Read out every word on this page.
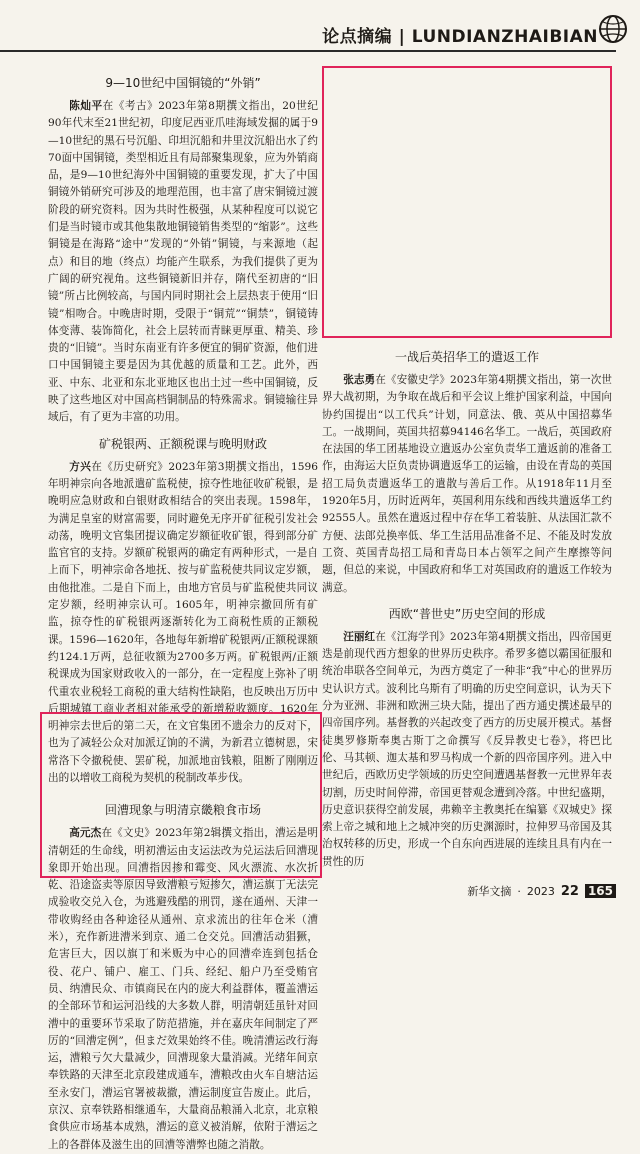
论点摘编 | LUNDIANZHAIBIAN
9—10世纪中国铜镜的“外销”

陈灿平在《考古》2023年第8期撰文指出，20世纪90年代末至21世纪初，印度尼西亚爪哇海域发掘的属于9—10世纪的黑石号沉船、印坦沉船和井里汶沉船出水了约70面中国铜镜，类型相近且有局部聚集现象，应为外销商品，是9—10世纪海外中国铜镜的重要发现，扩大了中国铜镜外销研究可涉及的地理范围，也丰富了唐宋铜镜过渡阶段的研究资料。因为共时性极强，从某种程度可以说它们是当时镜市或其他集散地铜镜销售类型的“缩影”。这些铜镜是在海路“途中”发现的“外销”铜镜，与来源地（起点）和目的地（终点）均能产生联系，为我们提供了更为广阔的研究视角。这些铜镜新旧并存，隋代至初唐的“旧镜”所占比例较高，与国内同时期社会上层热衷于使用“旧镜”相吻合。中晚唐时期，受限于“铜荒”“铜禁”，铜镜铸体变薄、装饰简化，社会上层转而青睐更厚重、精美、珍贵的“旧镜”。当时东南亚有许多便宜的铜矿资源，他们进口中国铜镜主要是因为其优越的质量和工艺。此外，西亚、中东、北亚和东北亚地区也出土过一些中国铜镜，反映了这些地区对中国高档铜制品的特殊需求。铜镜输往异域后，有了更为丰富的功用。

矿税银两、正额税课与晚明财政

方兴在《历史研究》2023年第3期撰文指出，1596年明神宗向各地派遣矿监税使，掠夺性地征收矿税银，是晚明应急财政和白银财政相结合的突出表现。1598年，为满足皇室的财富需要，同时避免无序开矿征税引发社会动荡，晚明文官集团提议确定岁额征收矿银，得到部分矿监官官的支持。岁额矿税银两的确定有两种形式，一是自上而下，明神宗命各地抚、按与矿监税使共同议定岁额，由他批准。二是自下而上，由地方官员与矿监税使共同议定岁额，经明神宗认可。1605年，明神宗撤回所有矿监，掠夺性的矿税银两逐渐转化为工商税性质的正额税课。1596—1620年，各地每年新增矿税银两/正额税课额约124.1万两，总征收额为2700多万两。矿税银两/正额税课成为国家财政收入的一部分，在一定程度上弥补了明代重农业税轻工商税的重大结构性缺陷，也反映出万历中后期城镇工商业者相对能承受的新增税收额度。1620年明神宗去世后的第二天，在文官集团不遗余力的反对下，也为了减轻公众对加派辽饷的不满，为新君立德树恩，宋常洛下令撤税使、罢矿税，加派地亩钱粮，阻断了刚刚迈出的以增收工商税为契机的税制改革步伐。

回漕现象与明清京畿粮食市场

高元杰在《文史》2023年第2辑撰文指出，漕运是明清朝廷的生命线，明初漕运由支运法改为兑运法后回漕现象即开始出现。回漕指因掺和霉变、风火漂流、水次折乾、沿途盗卖等原因导致漕粮亏短掺欠，漕运旗丁无法完成验收交兑入仓，为逃避残酷的刑罚，遂在通州、天津一带收购经由各种途径从通州、京求流出的往年仓米（漕米），充作新进漕米到京、通二仓交兑。回漕活动猖獗，危害巨大，因以旗丁和米贩为中心的回漕牵连到包括仓役、花户、铺户、雇工、门兵、经纪、船户乃至受贿官员、纳漕民众、市镇商民在内的庞大利益群体，覆盖漕运的全部环节和运河沿线的大多数人群，明清朝廷虽针对回漕中的重要环节采取了防范措施，并在嘉庆年间制定了严厉的“回漕定例”，但まだ效果始终不佳。晚清漕运改行海运，漕粮亏欠大量减少，回漕现象大量消减。光绪年间京奉铁路的天津至北京段建成通车，漕粮改由火车自塘沽运至永安门，漕运官署被裁撤，漕运制度宣告废止。此后，京汉、京奉铁路相继通车，大量商品粮涌入北京，北京粮食供应市场基本成熟，漕运的意义被消解，依附于漕运之上的各群体及滋生出的回漕等漕弊也随之消散。

一战后英招华工的遣返工作

张志勇在《安徽史学》2023年第4期撰文指出，第一次世界大战初期，为争取在战后和平会议上维护国家利益，中国向协约国提出“以工代兵”计划，同意法、俄、英从中国招募华工。一战期间，英国共招募94146名华工。一战后，英国政府在法国的华工团基地设立遣返办公室负责华工遣返前的准备工作，由海运大臣负责协调遣返华工的运输，由设在青岛的英国招工局负责遣返华工的遣散与善后工作。从1918年11月至1920年5月，历时近两年，英国利用东线和西线共遣返华工约92555人。虽然在遣返过程中存在华工着装脏、从法国汇款不方便、法郎兑换率低、华工生活用品准备不足、不能及时发放工资、英国青岛招工局和青岛日本占领军之间产生摩擦等问题，但总的来说，中国政府和华工对英国政府的遣返工作较为满意。

西欧“普世史”历史空间的形成

汪丽红在《江海学刊》2023年第4期撰文指出，四帝国更迭是前现代西方想象的世界历史秩序。希罗多德以霸国征服和统治串联各空间单元，为西方奠定了一种非“我”中心的世界历史认识方式。波利比乌斯有了明确的历史空间意识，认为天下分为亚洲、非洲和欧洲三块大陆，提出了西方通史撰述最早的四帝国序列。基督教的兴起改变了西方的历史展开模式。基督徒奥罗修斯奉奥古斯丁之命撰写《反异教史七卷》，将巴比伦、马其顿、迦太基和罗马构成一个新的四帝国序列。进入中世纪后，西欧历史学领域的历史空间遭遇基督教一元世界年表切割，历史时间停滞，帝国更替观念遭到冷落。中世纪盛期，历史意识获得空前发展，弗赖辛主教奥托在编纂《双城史》探索上帝之城和地上之城冲突的历史渊源时，拉伸罗马帝国及其治权转移的历史，形成一个自东向西进展的连续且具有内在一贯性的历

新华文摘 · 2023 22 165
